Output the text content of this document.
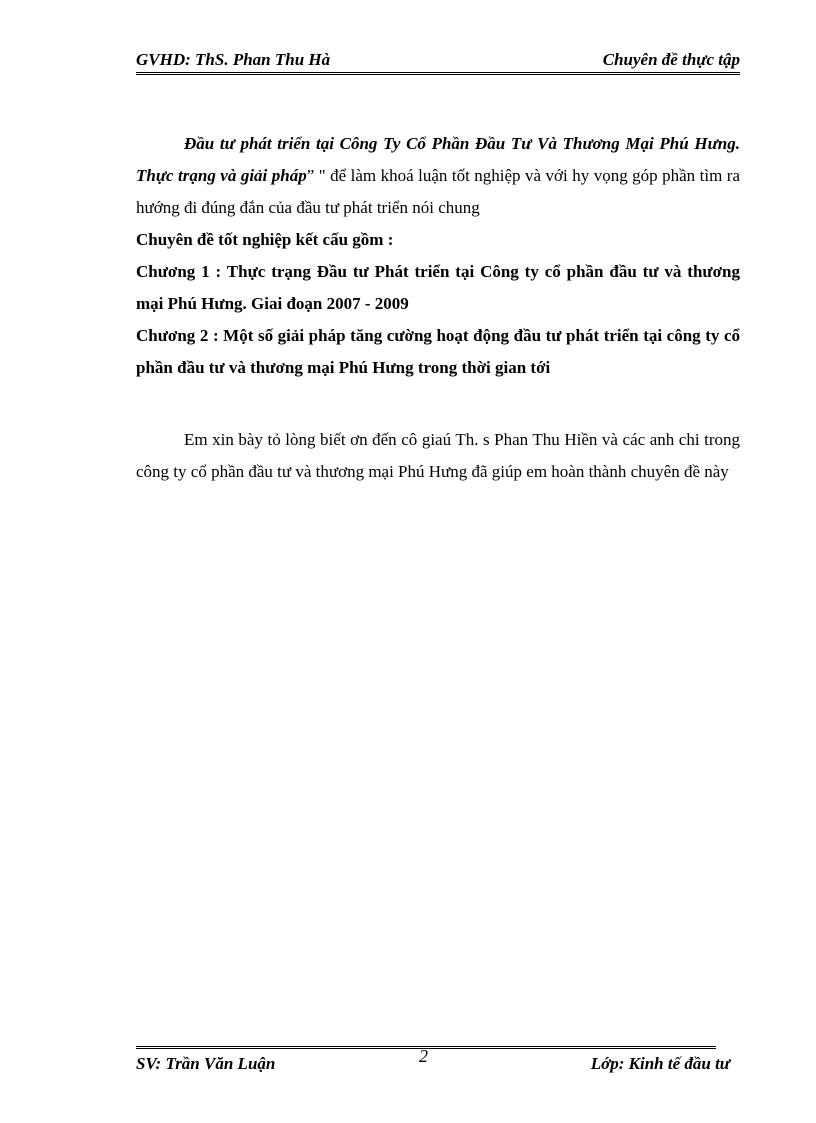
GVHD: ThS. Phan Thu Hà	Chuyên đề thực tập

Đầu tư phát triển tại Công Ty Cổ Phần Đầu Tư Và Thương Mại Phú Hưng. Thực trạng và giải pháp” " để làm khoá luận tốt nghiệp và với hy vọng góp phần tìm ra hướng đi đúng đắn của đầu tư phát triển nói chung

Chuyên đề tốt nghiệp kết cấu gồm :

Chương 1 : Thực trạng Đầu tư Phát triển tại Công ty cổ phần đầu tư và thương mại Phú Hưng. Giai đoạn 2007 - 2009

Chương 2 : Một số giải pháp tăng cường hoạt động đầu tư phát triển tại công ty cổ phần đầu tư và thương mại Phú Hưng trong thời gian tới

Em xin bày tỏ lòng biết ơn đến cô giaú Th. s Phan Thu Hiền và các anh chi trong công ty cổ phần đầu tư và thương mại Phú Hưng đã giúp em hoàn thành chuyên đề này

2
SV: Trần Văn Luận	Lớp: Kinh tế đầu tư
